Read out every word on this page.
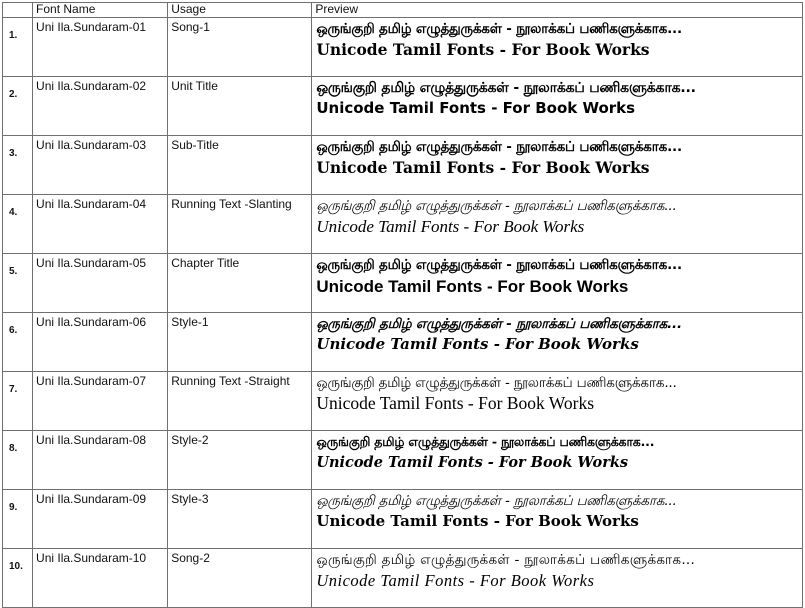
	Font Name	Usage	Preview
1.	Uni Ila.Sundaram-01	Song-1	ஒருங்குறி தமிழ் எழுத்துருக்கள் - நூலாக்கப் பணிகளுக்காக...
Unicode Tamil Fonts - For Book Works

2.	Uni Ila.Sundaram-02	Unit Title	ஒருங்குறி தமிழ் எழுத்துருக்கள் - நூலாக்கப் பணிகளுக்காக...
Unicode Tamil Fonts - For Book Works

3.	Uni Ila.Sundaram-03	Sub-Title	ஒருங்குறி தமிழ் எழுத்துருக்கள் - நூலாக்கப் பணிகளுக்காக...
Unicode Tamil Fonts - For Book Works

4.	Uni Ila.Sundaram-04	Running Text -Slanting	ஒருங்குறி தமிழ் எழுத்துருக்கள் - நூலாக்கப் பணிகளுக்காக...
Unicode Tamil Fonts - For Book Works

5.	Uni Ila.Sundaram-05	Chapter Title	ஒருங்குறி தமிழ் எழுத்துருக்கள் - நூலாக்கப் பணிகளுக்காக...
Unicode Tamil Fonts - For Book Works

6.	Uni Ila.Sundaram-06	Style-1	ஒருங்குறி தமிழ் எழுத்துருக்கள் - நூலாக்கப் பணிகளுக்காக...
Unicode Tamil Fonts - For Book Works

7.	Uni Ila.Sundaram-07	Running Text -Straight	ஒருங்குறி தமிழ் எழுத்துருக்கள் - நூலாக்கப் பணிகளுக்காக...
Unicode Tamil Fonts - For Book Works

8.	Uni Ila.Sundaram-08	Style-2	ஒருங்குறி தமிழ் எழுத்துருக்கள் - நூலாக்கப் பணிகளுக்காக...
Unicode Tamil Fonts - For Book Works

9.	Uni Ila.Sundaram-09	Style-3	ஒருங்குறி தமிழ் எழுத்துருக்கள் - நூலாக்கப் பணிகளுக்காக...
Unicode Tamil Fonts - For Book Works

10.	Uni Ila.Sundaram-10	Song-2	ஒருங்குறி தமிழ் எழுத்துருக்கள் - நூலாக்கப் பணிகளுக்காக...
Unicode Tamil Fonts - For Book Works
